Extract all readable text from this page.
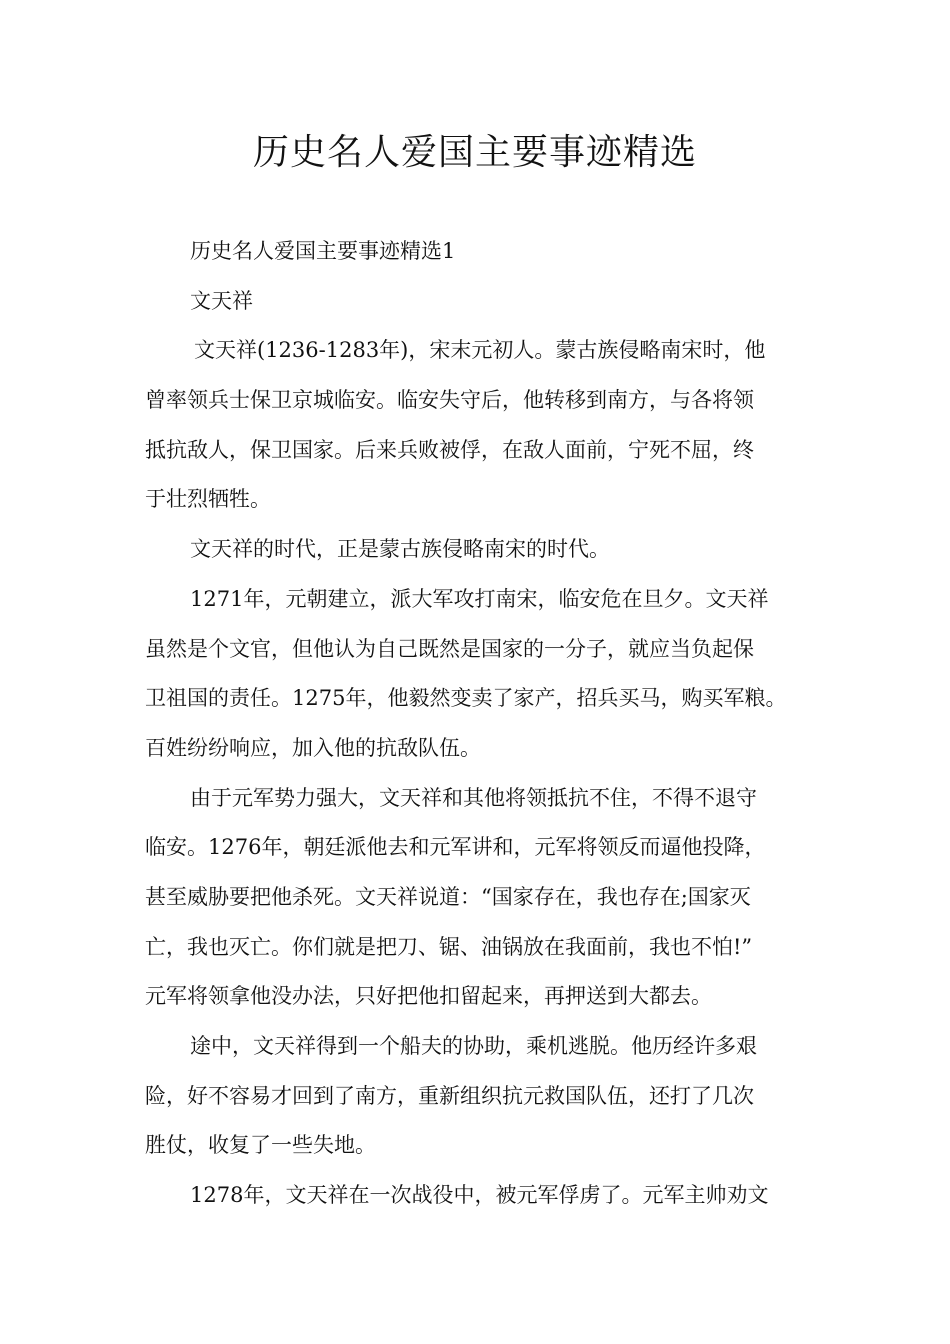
历史名人爱国主要事迹精选
历史名人爱国主要事迹精选1
文天祥
文天祥(1236-1283年)，宋末元初人。蒙古族侵略南宋时，他
曾率领兵士保卫京城临安。临安失守后，他转移到南方，与各将领
抵抗敌人，保卫国家。后来兵败被俘，在敌人面前，宁死不屈，终
于壮烈牺牲。
文天祥的时代，正是蒙古族侵略南宋的时代。
1271年，元朝建立，派大军攻打南宋，临安危在旦夕。文天祥
虽然是个文官，但他认为自己既然是国家的一分子，就应当负起保
卫祖国的责任。1275年，他毅然变卖了家产，招兵买马，购买军粮。
百姓纷纷响应，加入他的抗敌队伍。
由于元军势力强大，文天祥和其他将领抵抗不住，不得不退守
临安。1276年，朝廷派他去和元军讲和，元军将领反而逼他投降，
甚至威胁要把他杀死。文天祥说道：“国家存在，我也存在;国家灭
亡，我也灭亡。你们就是把刀、锯、油锅放在我面前，我也不怕!”
元军将领拿他没办法，只好把他扣留起来，再押送到大都去。
途中，文天祥得到一个船夫的协助，乘机逃脱。他历经许多艰
险，好不容易才回到了南方，重新组织抗元救国队伍，还打了几次
胜仗，收复了一些失地。
1278年，文天祥在一次战役中，被元军俘虏了。元军主帅劝文
